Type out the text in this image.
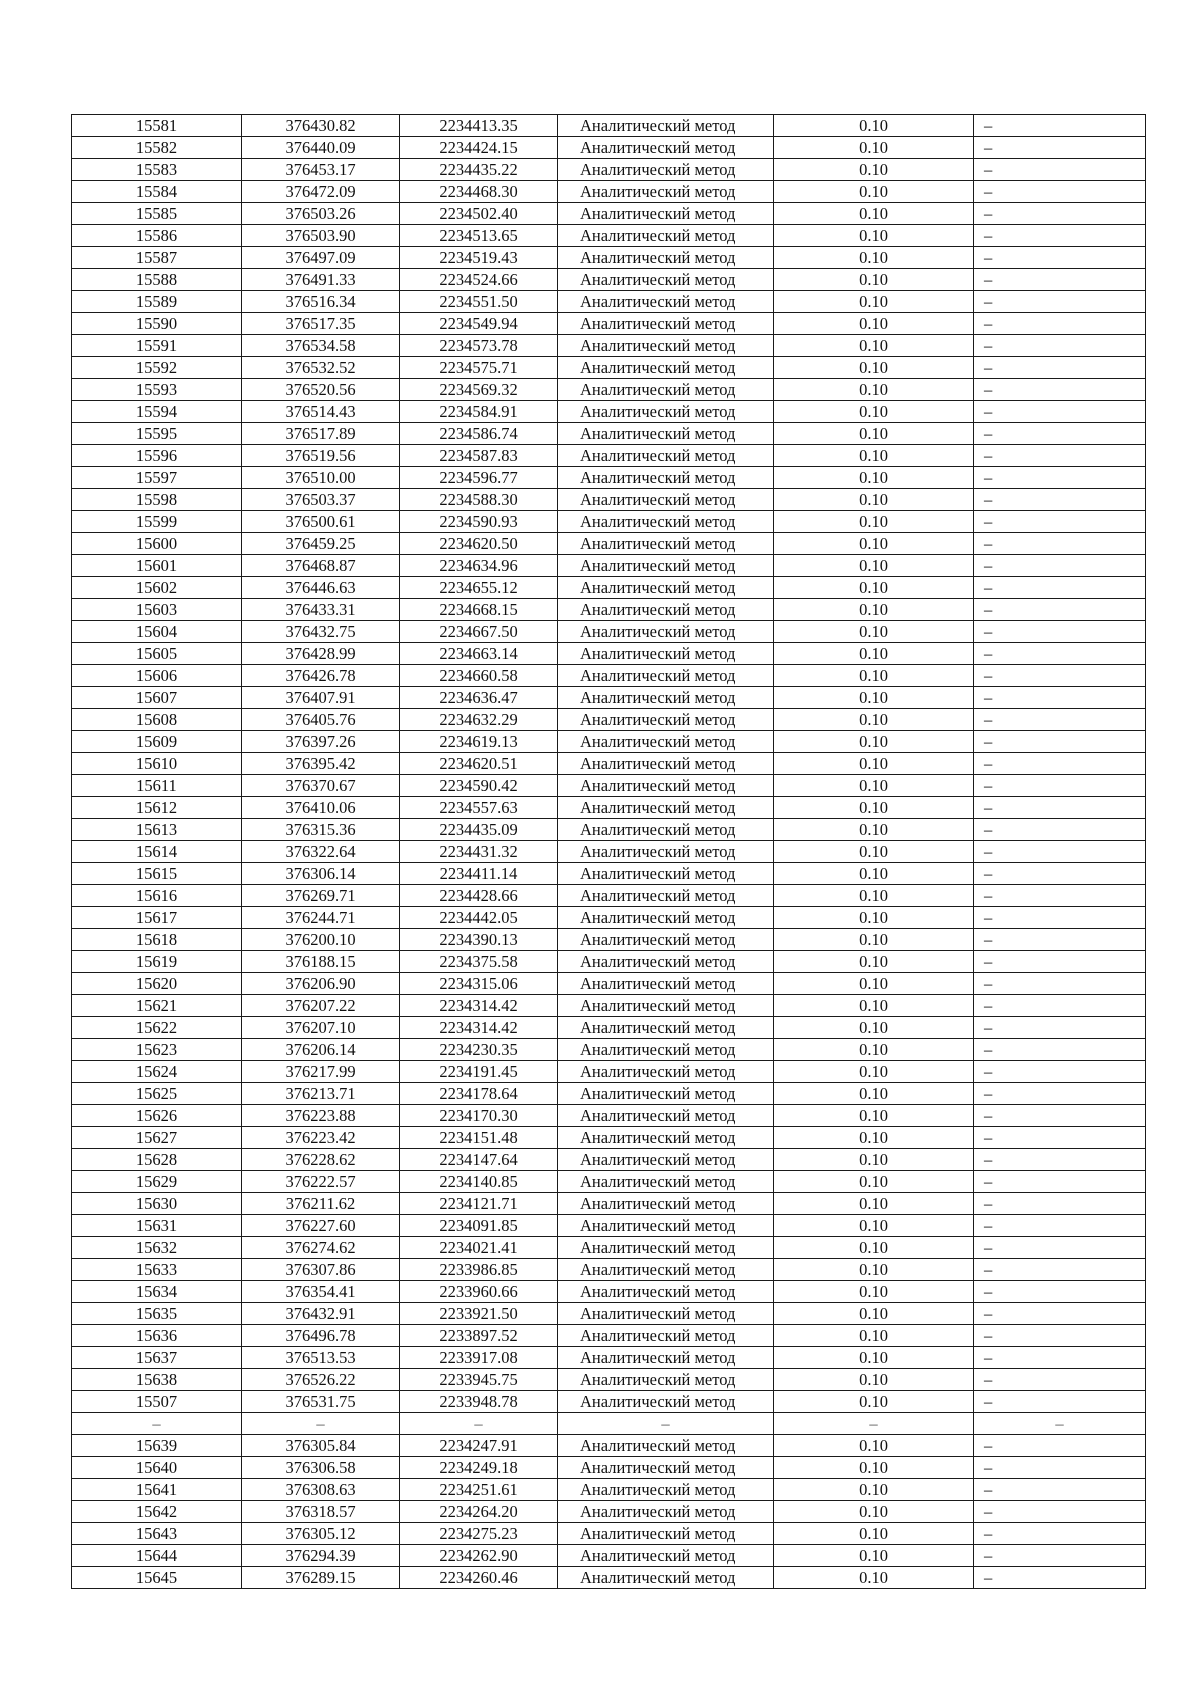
15581	376430.82	2234413.35	Аналитический метод	0.10	–
15582	376440.09	2234424.15	Аналитический метод	0.10	–
15583	376453.17	2234435.22	Аналитический метод	0.10	–
15584	376472.09	2234468.30	Аналитический метод	0.10	–
15585	376503.26	2234502.40	Аналитический метод	0.10	–
15586	376503.90	2234513.65	Аналитический метод	0.10	–
15587	376497.09	2234519.43	Аналитический метод	0.10	–
15588	376491.33	2234524.66	Аналитический метод	0.10	–
15589	376516.34	2234551.50	Аналитический метод	0.10	–
15590	376517.35	2234549.94	Аналитический метод	0.10	–
15591	376534.58	2234573.78	Аналитический метод	0.10	–
15592	376532.52	2234575.71	Аналитический метод	0.10	–
15593	376520.56	2234569.32	Аналитический метод	0.10	–
15594	376514.43	2234584.91	Аналитический метод	0.10	–
15595	376517.89	2234586.74	Аналитический метод	0.10	–
15596	376519.56	2234587.83	Аналитический метод	0.10	–
15597	376510.00	2234596.77	Аналитический метод	0.10	–
15598	376503.37	2234588.30	Аналитический метод	0.10	–
15599	376500.61	2234590.93	Аналитический метод	0.10	–
15600	376459.25	2234620.50	Аналитический метод	0.10	–
15601	376468.87	2234634.96	Аналитический метод	0.10	–
15602	376446.63	2234655.12	Аналитический метод	0.10	–
15603	376433.31	2234668.15	Аналитический метод	0.10	–
15604	376432.75	2234667.50	Аналитический метод	0.10	–
15605	376428.99	2234663.14	Аналитический метод	0.10	–
15606	376426.78	2234660.58	Аналитический метод	0.10	–
15607	376407.91	2234636.47	Аналитический метод	0.10	–
15608	376405.76	2234632.29	Аналитический метод	0.10	–
15609	376397.26	2234619.13	Аналитический метод	0.10	–
15610	376395.42	2234620.51	Аналитический метод	0.10	–
15611	376370.67	2234590.42	Аналитический метод	0.10	–
15612	376410.06	2234557.63	Аналитический метод	0.10	–
15613	376315.36	2234435.09	Аналитический метод	0.10	–
15614	376322.64	2234431.32	Аналитический метод	0.10	–
15615	376306.14	2234411.14	Аналитический метод	0.10	–
15616	376269.71	2234428.66	Аналитический метод	0.10	–
15617	376244.71	2234442.05	Аналитический метод	0.10	–
15618	376200.10	2234390.13	Аналитический метод	0.10	–
15619	376188.15	2234375.58	Аналитический метод	0.10	–
15620	376206.90	2234315.06	Аналитический метод	0.10	–
15621	376207.22	2234314.42	Аналитический метод	0.10	–
15622	376207.10	2234314.42	Аналитический метод	0.10	–
15623	376206.14	2234230.35	Аналитический метод	0.10	–
15624	376217.99	2234191.45	Аналитический метод	0.10	–
15625	376213.71	2234178.64	Аналитический метод	0.10	–
15626	376223.88	2234170.30	Аналитический метод	0.10	–
15627	376223.42	2234151.48	Аналитический метод	0.10	–
15628	376228.62	2234147.64	Аналитический метод	0.10	–
15629	376222.57	2234140.85	Аналитический метод	0.10	–
15630	376211.62	2234121.71	Аналитический метод	0.10	–
15631	376227.60	2234091.85	Аналитический метод	0.10	–
15632	376274.62	2234021.41	Аналитический метод	0.10	–
15633	376307.86	2233986.85	Аналитический метод	0.10	–
15634	376354.41	2233960.66	Аналитический метод	0.10	–
15635	376432.91	2233921.50	Аналитический метод	0.10	–
15636	376496.78	2233897.52	Аналитический метод	0.10	–
15637	376513.53	2233917.08	Аналитический метод	0.10	–
15638	376526.22	2233945.75	Аналитический метод	0.10	–
15507	376531.75	2233948.78	Аналитический метод	0.10	–
–	–	–	–	–	–
15639	376305.84	2234247.91	Аналитический метод	0.10	–
15640	376306.58	2234249.18	Аналитический метод	0.10	–
15641	376308.63	2234251.61	Аналитический метод	0.10	–
15642	376318.57	2234264.20	Аналитический метод	0.10	–
15643	376305.12	2234275.23	Аналитический метод	0.10	–
15644	376294.39	2234262.90	Аналитический метод	0.10	–
15645	376289.15	2234260.46	Аналитический метод	0.10	–
